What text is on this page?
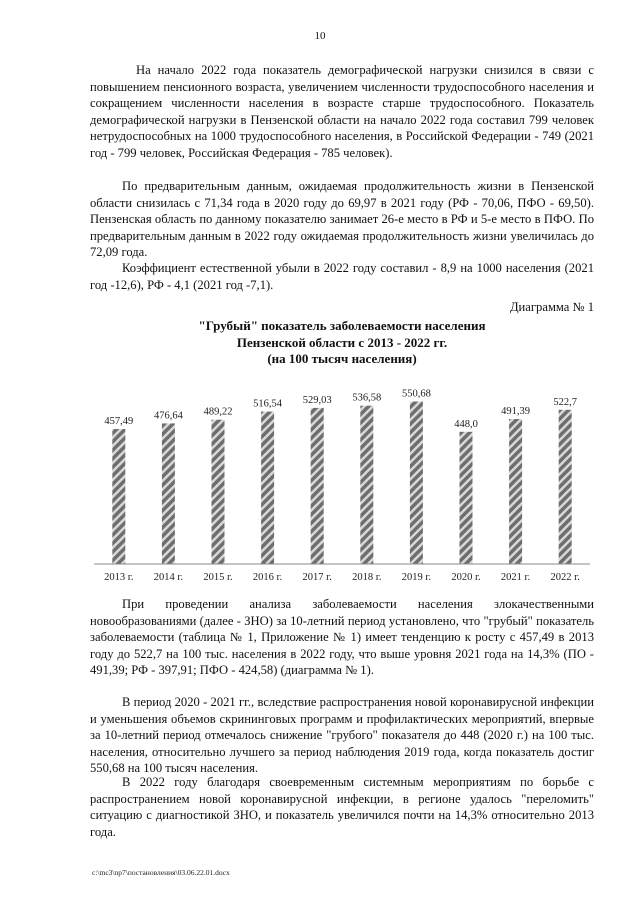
10

На начало 2022 года показатель демографической нагрузки снизился в связи с повышением пенсионного возраста, увеличением численности трудоспособного населения и сокращением численности населения в возрасте старше трудоспособного. Показатель демографической нагрузки в Пензенской области на начало 2022 года составил 799 человек нетрудоспособных на 1000 трудоспособного населения, в Российской Федерации - 749 (2021 год - 799 человек, Российская Федерация - 785 человек).

По предварительным данным, ожидаемая продолжительность жизни в Пензенской области снизилась с 71,34 года в 2020 году до 69,97 в 2021 году (РФ - 70,06, ПФО - 69,50). Пензенская область по данному показателю занимает 26-е место в РФ и 5-е место в ПФО. По предварительным данным в 2022 году ожидаемая продолжительность жизни увеличилась до 72,09 года.

Коэффициент естественной убыли в 2022 году составил - 8,9 на 1000 населения (2021 год -12,6), РФ - 4,1 (2021 год -7,1).

Диаграмма № 1
"Грубый" показатель заболеваемости населения
Пензенской области с 2013 - 2022 гг.
(на 100 тысяч населения)
457,49
476,64 489,22
516,54 529,03 536,58 550,68
448,0
491,39
522,7
2013 г. 2014 г. 2015 г. 2016 г. 2017 г. 2018 г. 2019 г. 2020 г. 2021 г. 2022 г.

При проведении анализа заболеваемости населения злокачественными новообразованиями (далее - ЗНО) за 10-летний период установлено, что "грубый" показатель заболеваемости (таблица № 1, Приложение № 1) имеет тенденцию к росту с 457,49 в 2013 году до 522,7 на 100 тыс. населения в 2022 году, что выше уровня 2021 года на 14,3% (ПО - 491,39; РФ - 397,91; ПФО - 424,58) (диаграмма № 1).

В период 2020 - 2021 гг., вследствие распространения новой коронавирусной инфекции и уменьшения объемов скрининговых программ и профилактических мероприятий, впервые за 10-летний период отмечалось снижение "грубого" показателя до 448 (2020 г.) на 100 тыс. населения, относительно лучшего за период наблюдения 2019 года, когда показатель достиг 550,68 на 100 тысяч населения.

В 2022 году благодаря своевременным системным мероприятиям по борьбе с распространением новой коронавирусной инфекции, в регионе удалось "переломить" ситуацию с диагностикой ЗНО, и показатель увеличился почти на 14,3% относительно 2013 года.

c:\mc3\np7\постановления\03.06.22.01.docx
